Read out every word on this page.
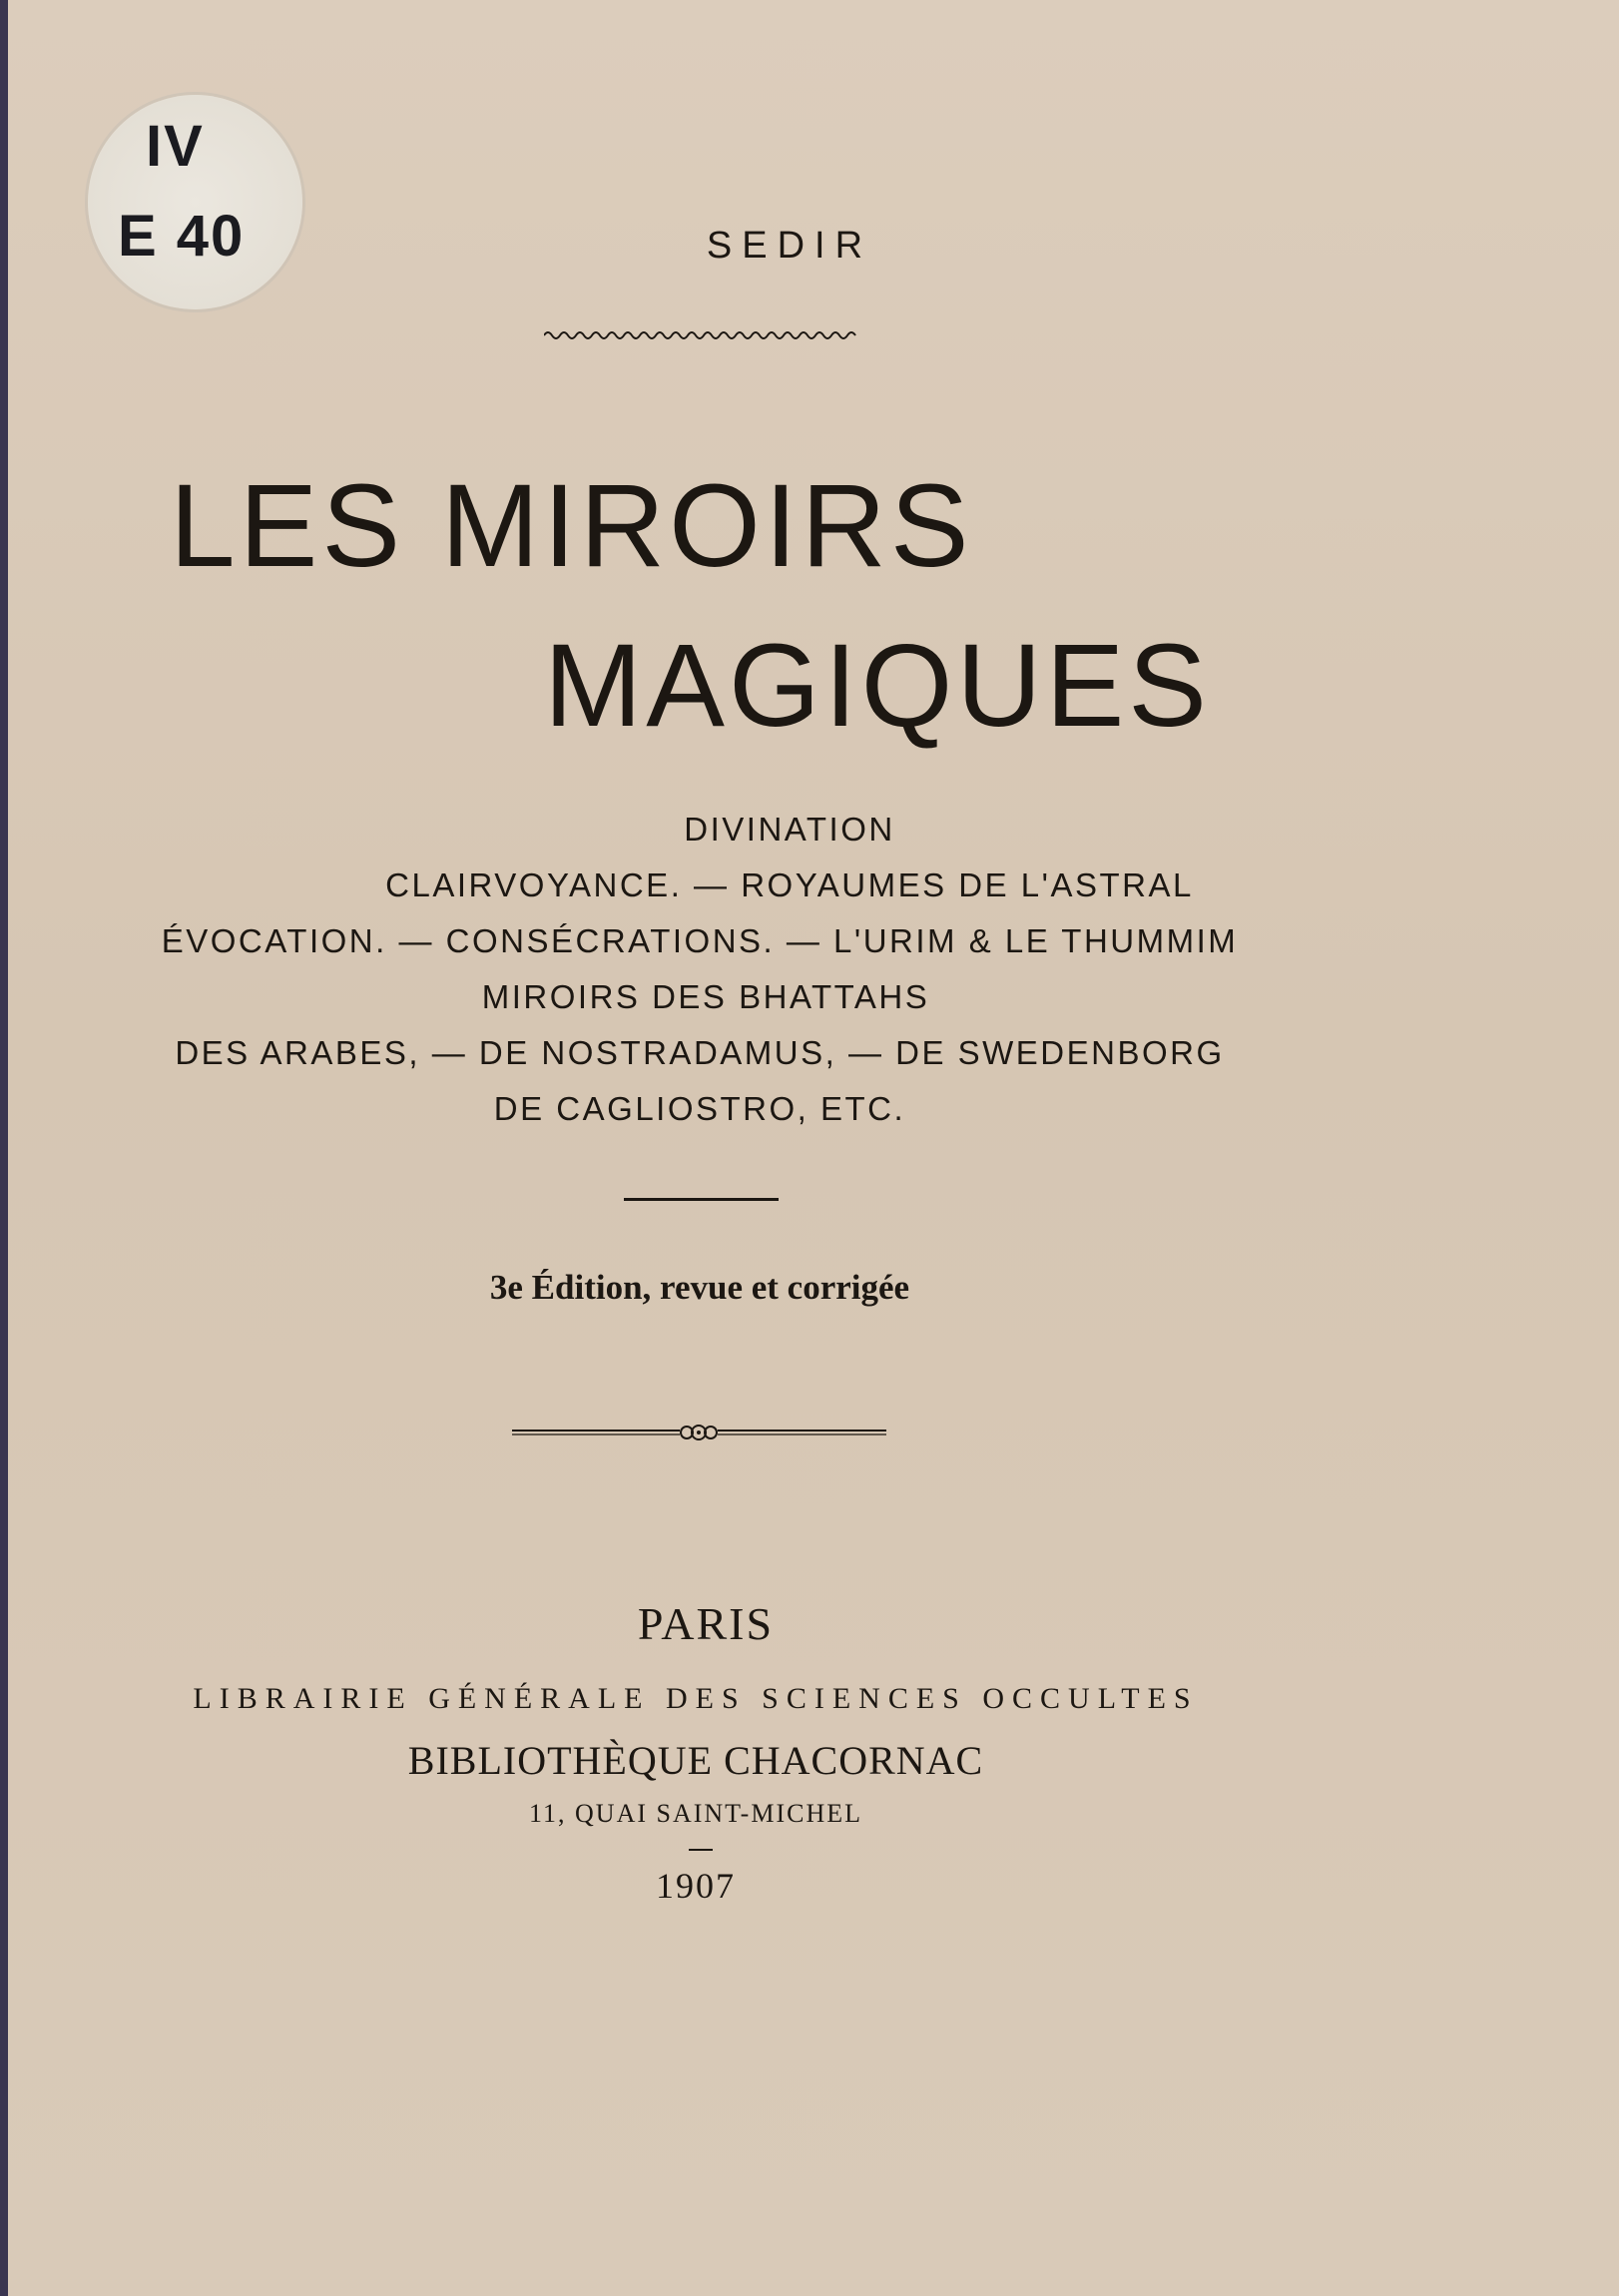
IV
E 40	SEDIR
LES MIROIRS
MAGIQUES
DIVINATION
CLAIRVOYANCE. — ROYAUMES DE L'ASTRAL
ÉVOCATION. — CONSÉCRATIONS. — L'URIM & LE THUMMIM
MIROIRS DES BHATTAHS
DES ARABES, — DE NOSTRADAMUS, — DE SWEDENBORG
DE CAGLIOSTRO, ETC.
3e Édition, revue et corrigée
PARIS
LIBRAIRIE GÉNÉRALE DES SCIENCES OCCULTES
BIBLIOTHÈQUE CHACORNAC
11, QUAI SAINT-MICHEL
1907
